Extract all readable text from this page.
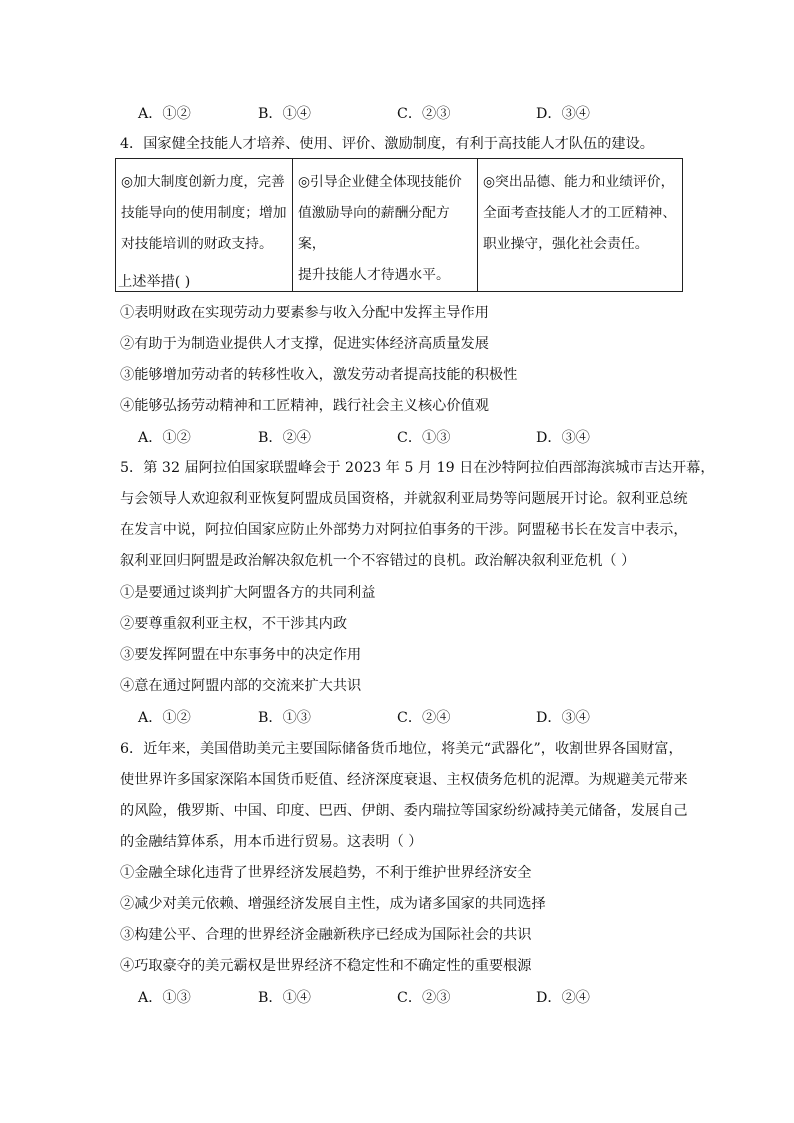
A．①②	B．①④	C．②③	D．③④
4．国家健全技能人才培养、使用、评价、激励制度，有利于高技能人才队伍的建设。
◎加大制度创新力度，完善
技能导向的使用制度；增加
对技能培训的财政支持。

◎引导企业健全体现技能价
值激励导向的薪酬分配方案，
提升技能人才待遇水平。

◎突出品德、能力和业绩评价，
全面考查技能人才的工匠精神、
职业操守，强化社会责任。
上述举措( )
①表明财政在实现劳动力要素参与收入分配中发挥主导作用
②有助于为制造业提供人才支撑，促进实体经济高质量发展
③能够增加劳动者的转移性收入，激发劳动者提高技能的积极性
④能够弘扬劳动精神和工匠精神，践行社会主义核心价值观
A．①②	B．②④	C．①③	D．③④
5．第 32 届阿拉伯国家联盟峰会于 2023 年 5 月 19 日在沙特阿拉伯西部海滨城市吉达开幕，
与会领导人欢迎叙利亚恢复阿盟成员国资格，并就叙利亚局势等问题展开讨论。叙利亚总统
在发言中说，阿拉伯国家应防止外部势力对阿拉伯事务的干涉。阿盟秘书长在发言中表示，
叙利亚回归阿盟是政治解决叙危机一个不容错过的良机。政治解决叙利亚危机（ ）
①是要通过谈判扩大阿盟各方的共同利益
②要尊重叙利亚主权，不干涉其内政
③要发挥阿盟在中东事务中的决定作用
④意在通过阿盟内部的交流来扩大共识
A．①②	B．①③	C．②④	D．③④
6．近年来，美国借助美元主要国际储备货币地位，将美元“武器化”，收割世界各国财富，
使世界许多国家深陷本国货币贬值、经济深度衰退、主权债务危机的泥潭。为规避美元带来
的风险，俄罗斯、中国、印度、巴西、伊朗、委内瑞拉等国家纷纷减持美元储备，发展自己
的金融结算体系，用本币进行贸易。这表明（ ）
①金融全球化违背了世界经济发展趋势，不利于维护世界经济安全
②减少对美元依赖、增强经济发展自主性，成为诸多国家的共同选择
③构建公平、合理的世界经济金融新秩序已经成为国际社会的共识
④巧取豪夺的美元霸权是世界经济不稳定性和不确定性的重要根源
A．①③	B．①④	C．②③	D．②④
